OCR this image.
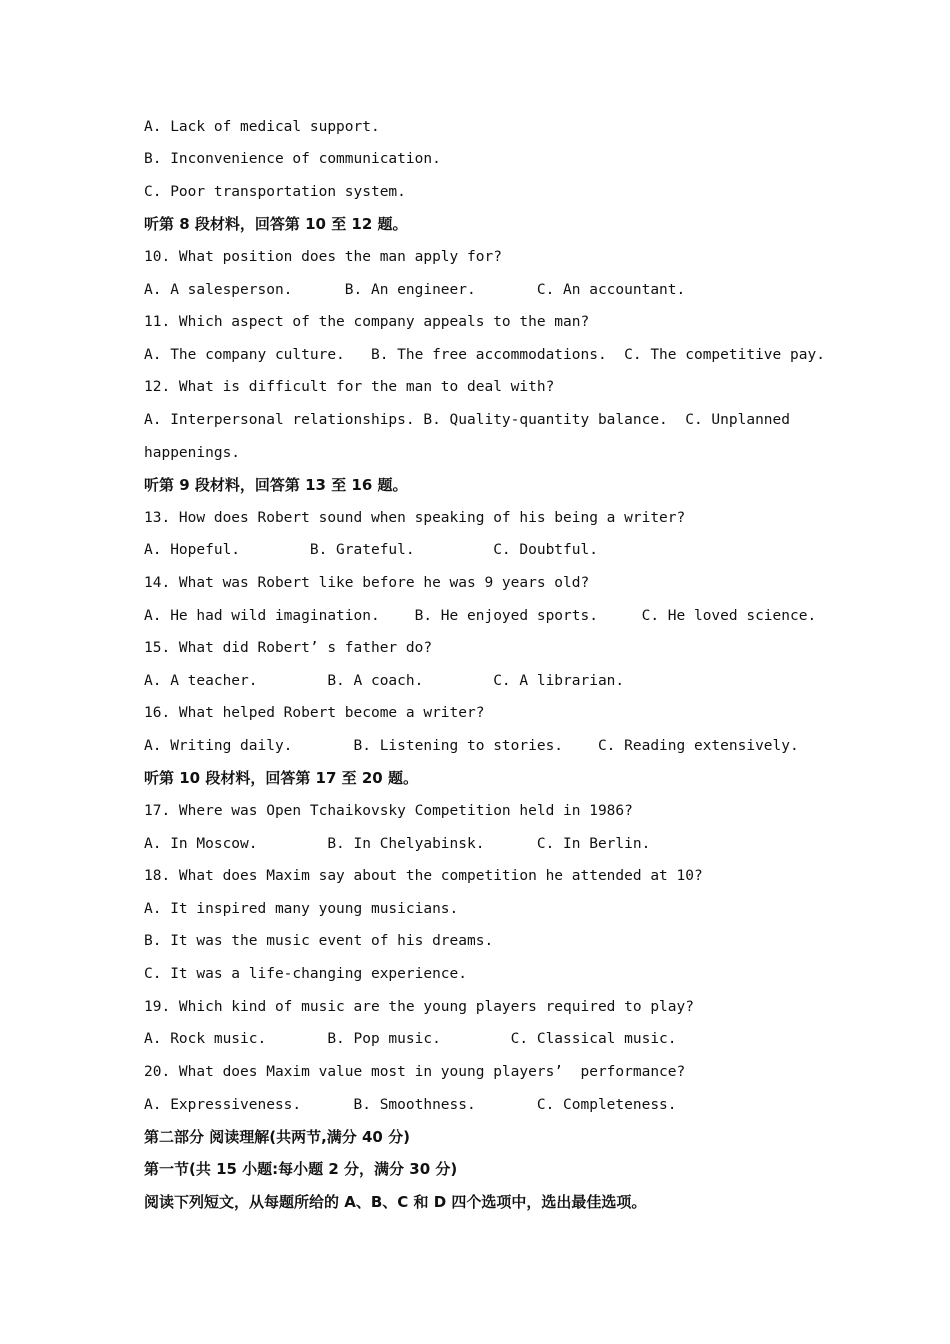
A. Lack of medical support.
B. Inconvenience of communication.
C. Poor transportation system.
听第 8 段材料，回答第 10 至 12 题。
10. What position does the man apply for?
A. A salesperson.      B. An engineer.       C. An accountant.
11. Which aspect of the company appeals to the man?
A. The company culture.   B. The free accommodations.  C. The competitive pay.
12. What is difficult for the man to deal with?
A. Interpersonal relationships. B. Quality-quantity balance.  C. Unplanned
happenings.
听第 9 段材料，回答第 13 至 16 题。
13. How does Robert sound when speaking of his being a writer?
A. Hopeful.        B. Grateful.         C. Doubtful.
14. What was Robert like before he was 9 years old?
A. He had wild imagination.    B. He enjoyed sports.     C. He loved science.
15. What did Robert’ s father do?
A. A teacher.        B. A coach.        C. A librarian.
16. What helped Robert become a writer?
A. Writing daily.       B. Listening to stories.    C. Reading extensively.
听第 10 段材料，回答第 17 至 20 题。
17. Where was Open Tchaikovsky Competition held in 1986?
A. In Moscow.        B. In Chelyabinsk.      C. In Berlin.
18. What does Maxim say about the competition he attended at 10?
A. It inspired many young musicians.
B. It was the music event of his dreams.
C. It was a life-changing experience.
19. Which kind of music are the young players required to play?
A. Rock music.       B. Pop music.        C. Classical music.
20. What does Maxim value most in young players’  performance?
A. Expressiveness.      B. Smoothness.       C. Completeness.
第二部分 阅读理解(共两节,满分 40 分)
第一节(共 15 小题:每小题 2 分，满分 30 分)
阅读下列短文，从每题所给的 A、B、C 和 D 四个选项中，选出最佳选项。
